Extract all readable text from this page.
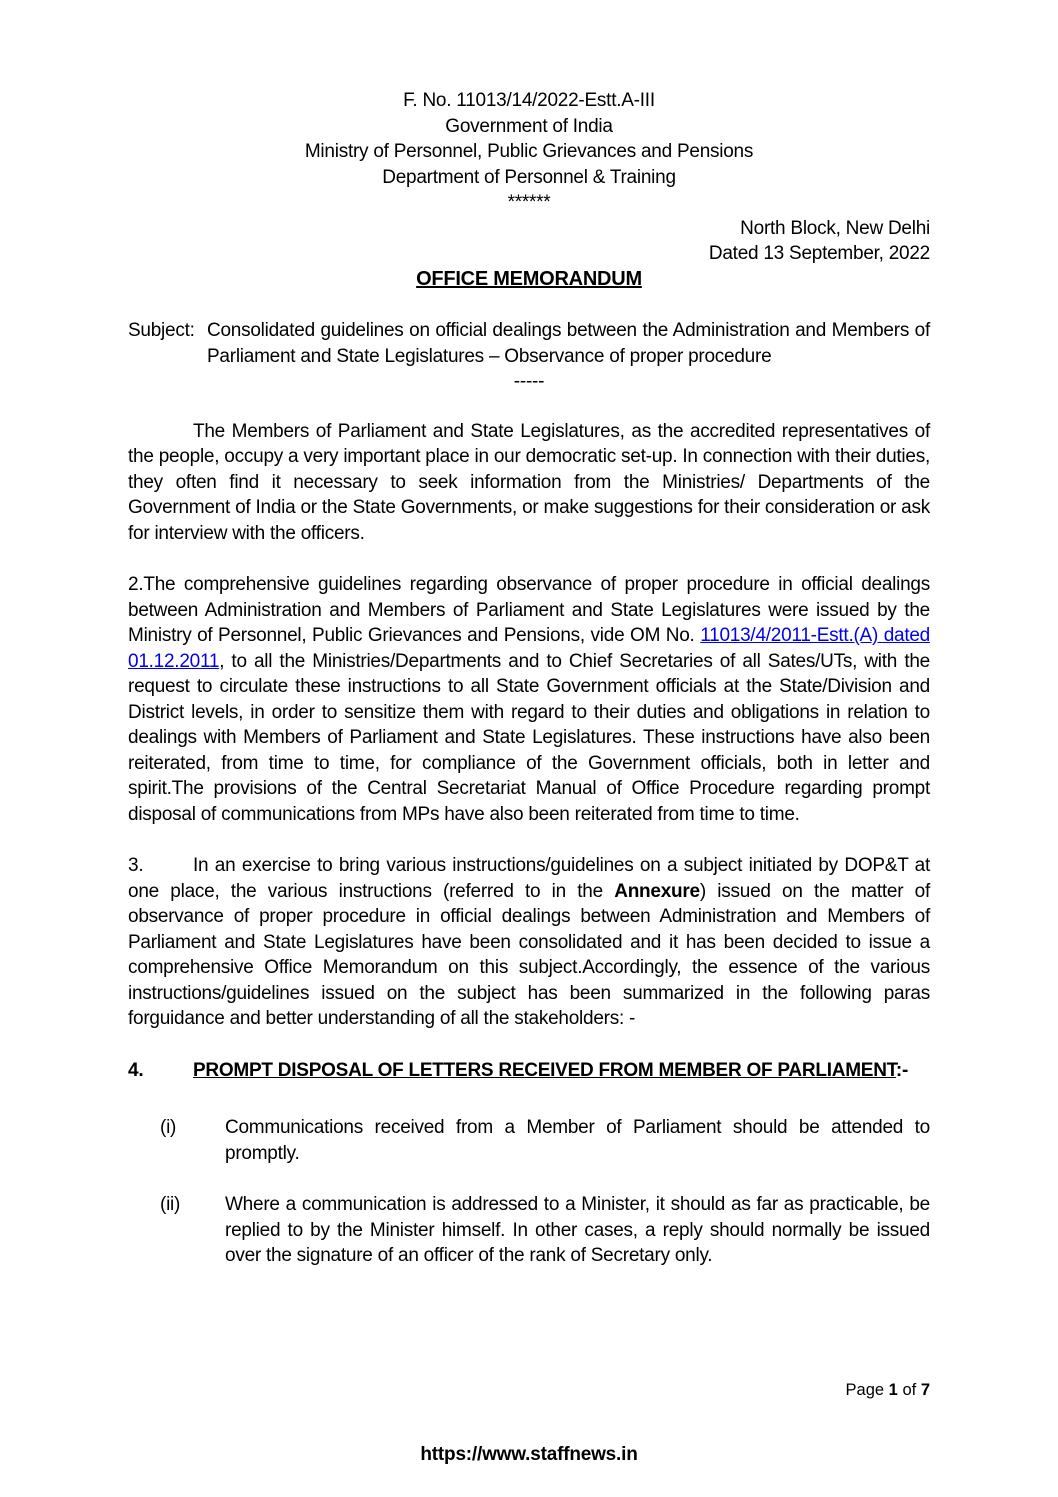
F. No. 11013/14/2022-Estt.A-III

Government of India

Ministry of Personnel, Public Grievances and Pensions

Department of Personnel & Training

******

North Block, New Delhi

Dated 13 September, 2022

OFFICE MEMORANDUM

Subject: Consolidated guidelines on official dealings between the Administration and Members of Parliament and State Legislatures – Observance of proper procedure

-----

The Members of Parliament and State Legislatures, as the accredited representatives of the people, occupy a very important place in our democratic set-up. In connection with their duties, they often find it necessary to seek information from the Ministries/ Departments of the Government of India or the State Governments, or make suggestions for their consideration or ask for interview with the officers.

2.The comprehensive guidelines regarding observance of proper procedure in official dealings between Administration and Members of Parliament and State Legislatures were issued by the Ministry of Personnel, Public Grievances and Pensions, vide OM No. 11013/4/2011-Estt.(A) dated 01.12.2011, to all the Ministries/Departments and to Chief Secretaries of all Sates/UTs, with the request to circulate these instructions to all State Government officials at the State/Division and District levels, in order to sensitize them with regard to their duties and obligations in relation to dealings with Members of Parliament and State Legislatures. These instructions have also been reiterated, from time to time, for compliance of the Government officials, both in letter and spirit.The provisions of the Central Secretariat Manual of Office Procedure regarding prompt disposal of communications from MPs have also been reiterated from time to time.

3.	In an exercise to bring various instructions/guidelines on a subject initiated by DOP&T at one place, the various instructions (referred to in the Annexure) issued on the matter of observance of proper procedure in official dealings between Administration and Members of Parliament and State Legislatures have been consolidated and it has been decided to issue a comprehensive Office Memorandum on this subject.Accordingly, the essence of the various instructions/guidelines issued on the subject has been summarized in the following paras forguidance and better understanding of all the stakeholders: -

4.	PROMPT DISPOSAL OF LETTERS RECEIVED FROM MEMBER OF PARLIAMENT:-

(i)	Communications received from a Member of Parliament should be attended to promptly.

(ii) Where a communication is addressed to a Minister, it should as far as practicable, be replied to by the Minister himself. In other cases, a reply should normally be issued over the signature of an officer of the rank of Secretary only.

Page 1 of 7
https://www.staffnews.in
